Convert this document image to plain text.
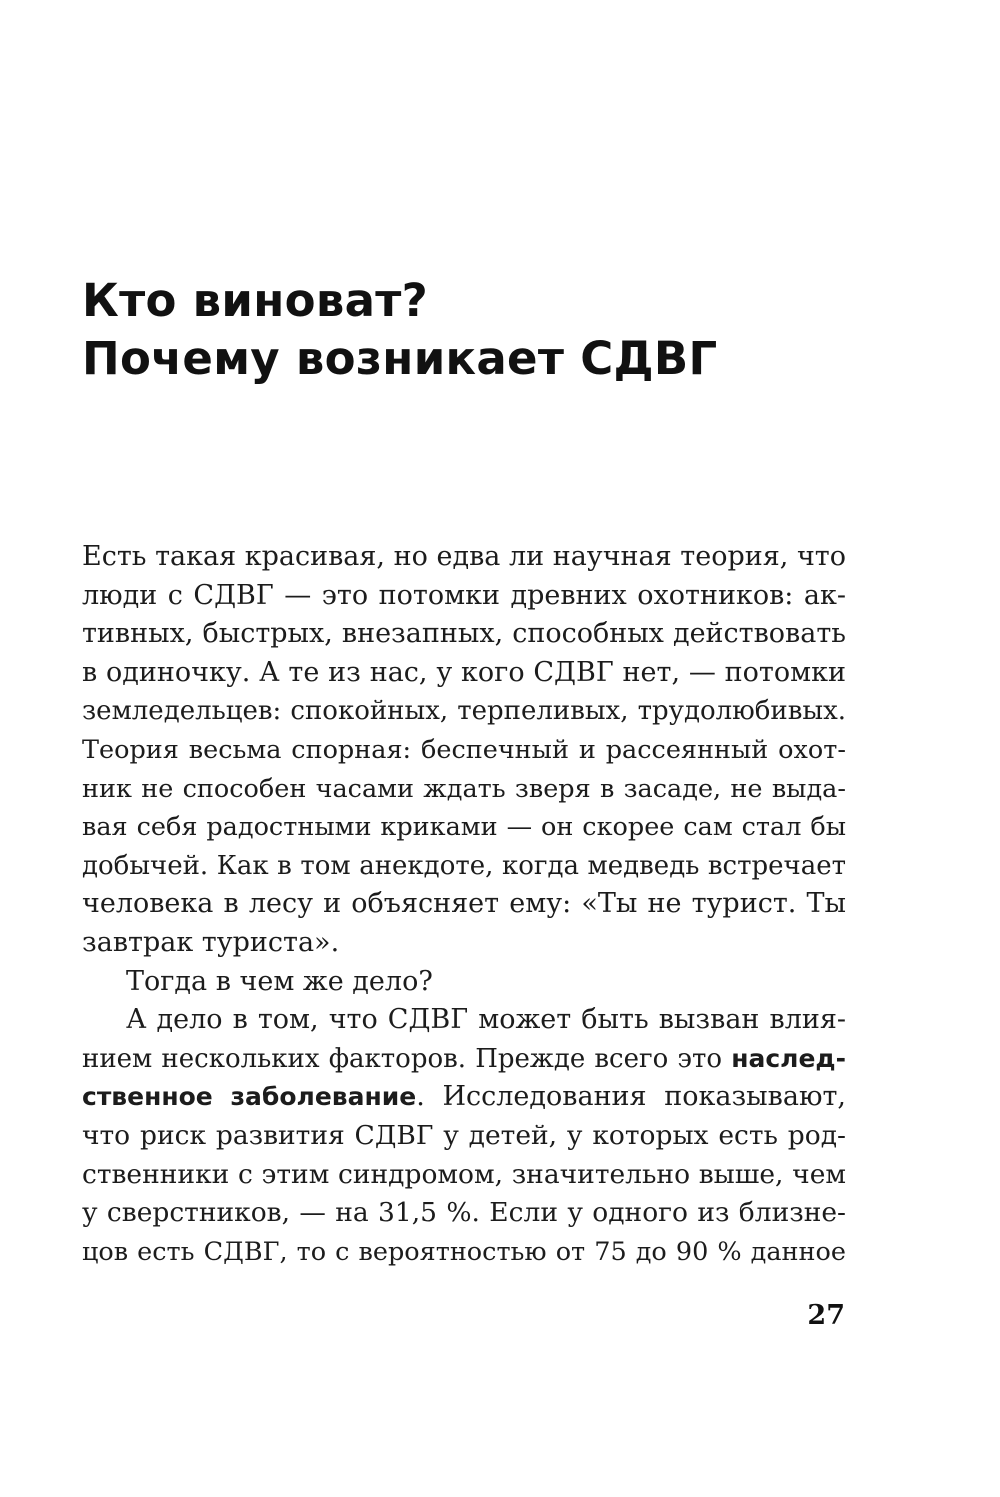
Кто виноват?
Почему возникает СДВГ
Есть такая красивая, но едва ли научная теория, что
люди с СДВГ — это потомки древних охотников: ак-
тивных, быстрых, внезапных, способных действовать
в одиночку. А те из нас, у кого СДВГ нет, — потомки
земледельцев: спокойных, терпеливых, трудолюбивых.
Теория весьма спорная: беспечный и рассеянный охот-
ник не способен часами ждать зверя в засаде, не выда-
вая себя радостными криками — он скорее сам стал бы
добычей. Как в том анекдоте, когда медведь встречает
человека в лесу и объясняет ему: «Ты не турист. Ты
завтрак туриста».
Тогда в чем же дело?
А дело в том, что СДВГ может быть вызван влия-
нием нескольких факторов. Прежде всего это наслед-
ственное заболевание. Исследования показывают,
что риск развития СДВГ у детей, у которых есть род-
ственники с этим синдромом, значительно выше, чем
у сверстников, — на 31,5 %. Если у одного из близне-
цов есть СДВГ, то с вероятностью от 75 до 90 % данное
27
